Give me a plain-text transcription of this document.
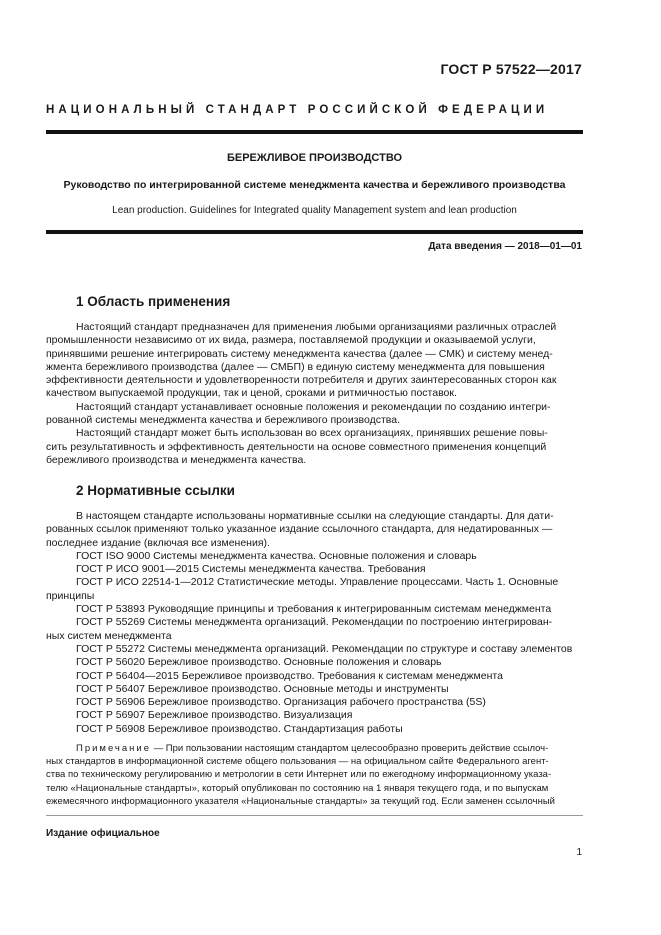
ГОСТ Р 57522—2017
НАЦИОНАЛЬНЫЙ СТАНДАРТ РОССИЙСКОЙ ФЕДЕРАЦИИ
БЕРЕЖЛИВОЕ ПРОИЗВОДСТВО
Руководство по интегрированной системе менеджмента качества и бережливого производства
Lean production. Guidelines for Integrated quality Management system and lean production
Дата введения — 2018—01—01
1 Область применения
Настоящий стандарт предназначен для применения любыми организациями различных отраслей
промышленности независимо от их вида, размера, поставляемой продукции и оказываемой услуги,
принявшими решение интегрировать систему менеджмента качества (далее — СМК) и систему менед-
жмента бережливого производства (далее — СМБП) в единую систему менеджмента для повышения
эффективности деятельности и удовлетворенности потребителя и других заинтересованных сторон как
качеством выпускаемой продукции, так и ценой, сроками и ритмичностью поставок.
Настоящий стандарт устанавливает основные положения и рекомендации по созданию интегри-
рованной системы менеджмента качества и бережливого производства.
Настоящий стандарт может быть использован во всех организациях, принявших решение повы-
сить результативность и эффективность деятельности на основе совместного применения концепций
бережливого производства и менеджмента качества.
2 Нормативные ссылки
В настоящем стандарте использованы нормативные ссылки на следующие стандарты. Для дати-
рованных ссылок применяют только указанное издание ссылочного стандарта, для недатированных —
последнее издание (включая все изменения).
ГОСТ ISO 9000 Системы менеджмента качества. Основные положения и словарь
ГОСТ Р ИСО 9001—2015 Системы менеджмента качества. Требования
ГОСТ Р ИСО 22514-1—2012 Статистические методы. Управление процессами. Часть 1. Основные
принципы
ГОСТ Р 53893 Руководящие принципы и требования к интегрированным системам менеджмента
ГОСТ Р 55269 Системы менеджмента организаций. Рекомендации по построению интегрирован-
ных систем менеджмента
ГОСТ Р 55272 Системы менеджмента организаций. Рекомендации по структуре и составу элементов
ГОСТ Р 56020 Бережливое производство. Основные положения и словарь
ГОСТ Р 56404—2015 Бережливое производство. Требования к системам менеджмента
ГОСТ Р 56407 Бережливое производство. Основные методы и инструменты
ГОСТ Р 56906 Бережливое производство. Организация рабочего пространства (5S)
ГОСТ Р 56907 Бережливое производство. Визуализация
ГОСТ Р 56908 Бережливое производство. Стандартизация работы
Примечание — При пользовании настоящим стандартом целесообразно проверить действие ссылоч-
ных стандартов в информационной системе общего пользования — на официальном сайте Федерального агент-
ства по техническому регулированию и метрологии в сети Интернет или по ежегодному информационному указа-
телю «Национальные стандарты», который опубликован по состоянию на 1 января текущего года, и по выпускам
ежемесячного информационного указателя «Национальные стандарты» за текущий год. Если заменен ссылочный
Издание официальное
1
